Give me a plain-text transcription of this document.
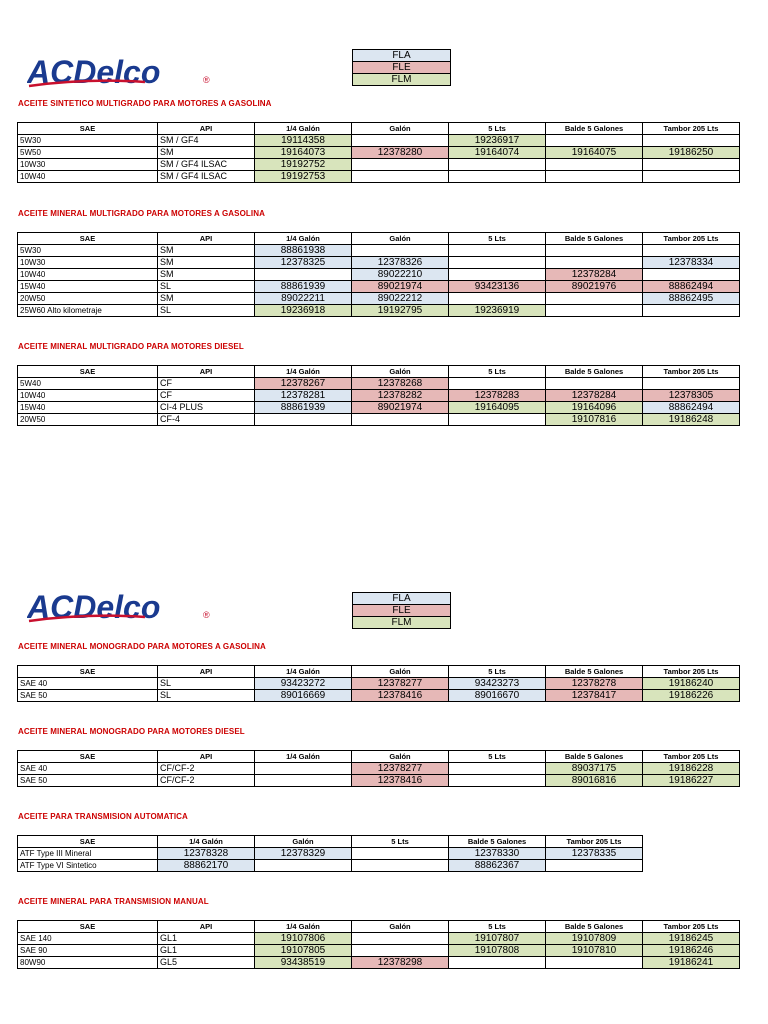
ACDelco	®
ACDelco	®
FLA
FLE
FLM
FLA
FLE
FLM
ACEITE SINTETICO MULTIGRADO PARA MOTORES A GASOLINA
ACEITE MINERAL MULTIGRADO PARA MOTORES A GASOLINA
ACEITE MINERAL MULTIGRADO PARA MOTORES DIESEL
ACEITE MINERAL MONOGRADO PARA MOTORES A GASOLINA
ACEITE MINERAL MONOGRADO PARA MOTORES DIESEL
ACEITE PARA TRANSMISION AUTOMATICA
ACEITE MINERAL PARA TRANSMISION MANUAL
SAE	API	1/4 Galón	Galón	5 Lts	Balde 5 Galones	Tambor 205 Lts
5W30	SM / GF4	19114358		19236917		
5W50	SM	19164073	12378280	19164074	19164075	19186250
10W30	SM / GF4 ILSAC	19192752				
10W40	SM / GF4 ILSAC	19192753				
SAE	API	1/4 Galón	Galón	5 Lts	Balde 5 Galones	Tambor 205 Lts
5W30	SM	88861938				
10W30	SM	12378325	12378326			12378334
10W40	SM		89022210		12378284	
15W40	SL	88861939	89021974	93423136	89021976	88862494
20W50	SM	89022211	89022212			88862495
25W60 Alto kilometraje	SL	19236918	19192795	19236919		
SAE	API	1/4 Galón	Galón	5 Lts	Balde 5 Galones	Tambor 205 Lts
5W40	CF	12378267	12378268			
10W40	CF	12378281	12378282	12378283	12378284	12378305
15W40	CI-4 PLUS	88861939	89021974	19164095	19164096	88862494
20W50	CF-4				19107816	19186248
SAE	API	1/4 Galón	Galón	5 Lts	Balde 5 Galones	Tambor 205 Lts
SAE 40	SL	93423272	12378277	93423273	12378278	19186240
SAE 50	SL	89016669	12378416	89016670	12378417	19186226
SAE	API	1/4 Galón	Galón	5 Lts	Balde 5 Galones	Tambor 205 Lts
SAE 40	CF/CF-2		12378277		89037175	19186228
SAE 50	CF/CF-2		12378416		89016816	19186227
SAE	1/4 Galón	Galón	5 Lts	Balde 5 Galones	Tambor 205 Lts
ATF Type III Mineral	12378328	12378329		12378330	12378335
ATF Type VI Sintetico	88862170			88862367	
SAE	API	1/4 Galón	Galón	5 Lts	Balde 5 Galones	Tambor 205 Lts
SAE 140	GL1	19107806		19107807	19107809	19186245
SAE 90	GL1	19107805		19107808	19107810	19186246
80W90	GL5	93438519	12378298			19186241
